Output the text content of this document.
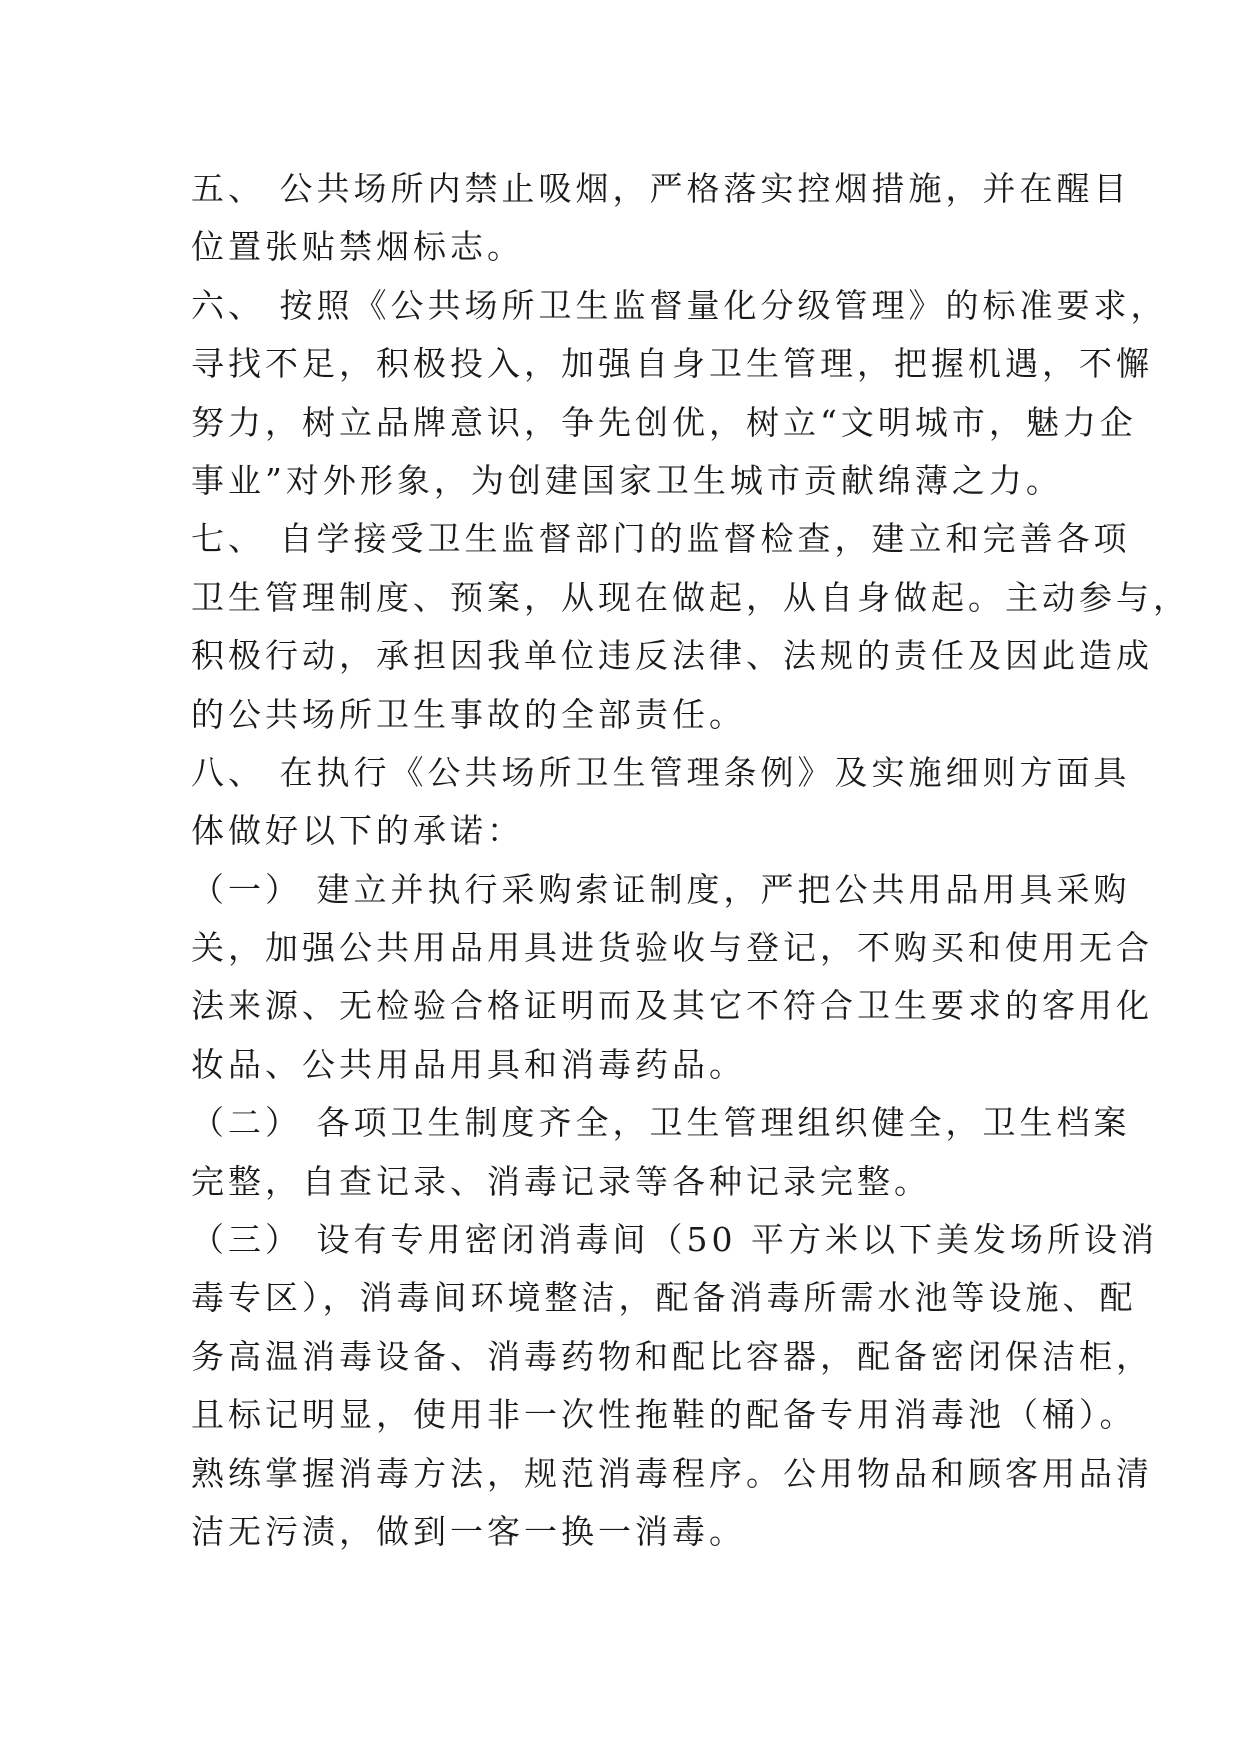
五、 公共场所内禁止吸烟，严格落实控烟措施，并在醒目
位置张贴禁烟标志。
六、 按照《公共场所卫生监督量化分级管理》的标准要求，
寻找不足，积极投入，加强自身卫生管理，把握机遇，不懈
努力，树立品牌意识，争先创优，树立“文明城市，魅力企
事业”对外形象，为创建国家卫生城市贡献绵薄之力。
七、 自学接受卫生监督部门的监督检查，建立和完善各项
卫生管理制度、预案，从现在做起，从自身做起。主动参与，
积极行动，承担因我单位违反法律、法规的责任及因此造成
的公共场所卫生事故的全部责任。
八、 在执行《公共场所卫生管理条例》及实施细则方面具
体做好以下的承诺：
（一） 建立并执行采购索证制度，严把公共用品用具采购
关，加强公共用品用具进货验收与登记，不购买和使用无合
法来源、无检验合格证明而及其它不符合卫生要求的客用化
妆品、公共用品用具和消毒药品。
（二） 各项卫生制度齐全，卫生管理组织健全，卫生档案
完整，自查记录、消毒记录等各种记录完整。
（三） 设有专用密闭消毒间（50 平方米以下美发场所设消
毒专区），消毒间环境整洁，配备消毒所需水池等设施、配
务高温消毒设备、消毒药物和配比容器，配备密闭保洁柜，
且标记明显，使用非一次性拖鞋的配备专用消毒池（桶）。
熟练掌握消毒方法，规范消毒程序。公用物品和顾客用品清
洁无污渍，做到一客一换一消毒。
